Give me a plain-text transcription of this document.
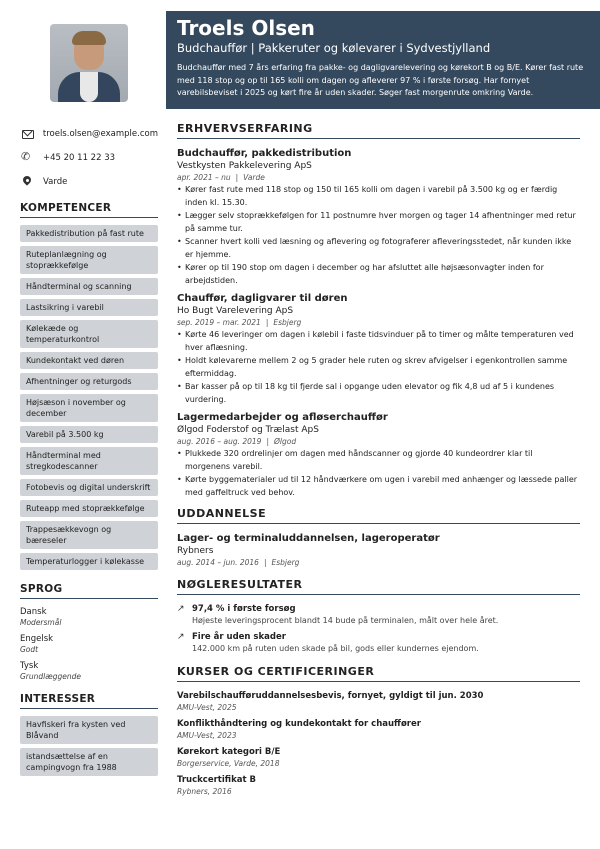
Troels Olsen
Budchauffør | Pakkeruter og kølevarer i Sydvestjylland
Budchauffør med 7 års erfaring fra pakke- og dagligvarelevering og kørekort B og B/E. Kører fast rute med 118 stop og op til 165 kolli om dagen og afleverer 97 % i første forsøg. Har fornyet varebilsbeviset i 2025 og kørt fire år uden skader. Søger fast morgenrute omkring Varde.
troels.olsen@example.com
✆
+45 20 11 22 33
Varde
KOMPETENCER
Pakkedistribution på fast rute
Ruteplanlægning og stoprækkefølge
Håndterminal og scanning
Lastsikring i varebil
Kølekæde og temperaturkontrol
Kundekontakt ved døren
Afhentninger og returgods
Højsæson i november og december
Varebil på 3.500 kg
Håndterminal med stregkodescanner
Fotobevis og digital underskrift
Ruteapp med stoprækkefølge
Trappesækkevogn og bæreseler
Temperaturlogger i kølekasse
SPROG
Dansk
Modersmål
Engelsk
Godt
Tysk
Grundlæggende
INTERESSER
Havfiskeri fra kysten ved Blåvand
istandsættelse af en campingvogn fra 1988
ERHVERVSERFARING
Budchauffør, pakkedistribution
Vestkysten Pakkelevering ApS
apr. 2021 – nu | Varde
• Kører fast rute med 118 stop og 150 til 165 kolli om dagen i varebil på 3.500 kg og er færdig inden kl. 15.30.
• Lægger selv stoprækkefølgen for 11 postnumre hver morgen og tager 14 afhentninger med retur på samme tur.
• Scanner hvert kolli ved læsning og aflevering og fotograferer afleveringsstedet, når kunden ikke er hjemme.
• Kører op til 190 stop om dagen i december og har afsluttet alle højsæsonvagter inden for arbejdstiden.
Chauffør, dagligvarer til døren
Ho Bugt Varelevering ApS
sep. 2019 – mar. 2021 | Esbjerg
• Kørte 46 leveringer om dagen i kølebil i faste tidsvinduer på to timer og målte temperaturen ved hver aflæsning.
• Holdt kølevarerne mellem 2 og 5 grader hele ruten og skrev afvigelser i egenkontrollen samme eftermiddag.
• Bar kasser på op til 18 kg til fjerde sal i opgange uden elevator og fik 4,8 ud af 5 i kundenes vurdering.
Lagermedarbejder og afløserchauffør
Ølgod Foderstof og Trælast ApS
aug. 2016 – aug. 2019 | Ølgod
• Plukkede 320 ordrelinjer om dagen med håndscanner og gjorde 40 kundeordrer klar til morgenens varebil.
• Kørte byggematerialer ud til 12 håndværkere om ugen i varebil med anhænger og læssede paller med gaffeltruck ved behov.
UDDANNELSE
Lager- og terminaluddannelsen, lageroperatør
Rybners
aug. 2014 – jun. 2016 | Esbjerg
NØGLERESULTATER
↗ 97,4 % i første forsøg
Højeste leveringsprocent blandt 14 bude på terminalen, målt over hele året.
↗ Fire år uden skader
142.000 km på ruten uden skade på bil, gods eller kundernes ejendom.
KURSER OG CERTIFICERINGER
Varebilschaufføruddannelsesbevis, fornyet, gyldigt til jun. 2030
AMU-Vest, 2025
Konflikthåndtering og kundekontakt for chauffører
AMU-Vest, 2023
Kørekort kategori B/E
Borgerservice, Varde, 2018
Truckcertifikat B
Rybners, 2016
